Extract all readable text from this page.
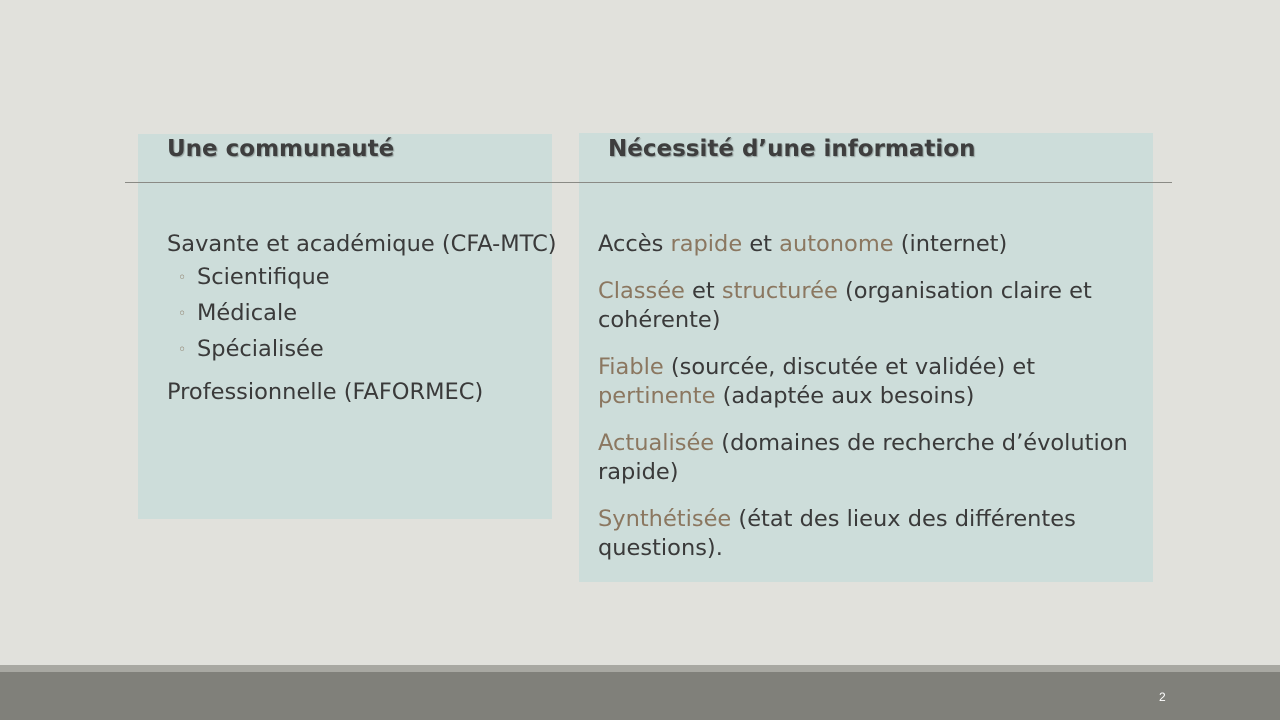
Une communauté	Nécessité d’une information

Savante et académique (CFA-MTC)

◦ Scientifique
◦ Médicale
◦ Spécialisée

Professionnelle (FAFORMEC)

Accès rapide et autonome (internet)

Classée et structurée (organisation claire et cohérente)

Fiable (sourcée, discutée et validée) et pertinente (adaptée aux besoins)

Actualisée (domaines de recherche d’évolution rapide)

Synthétisée (état des lieux des différentes questions).

2
